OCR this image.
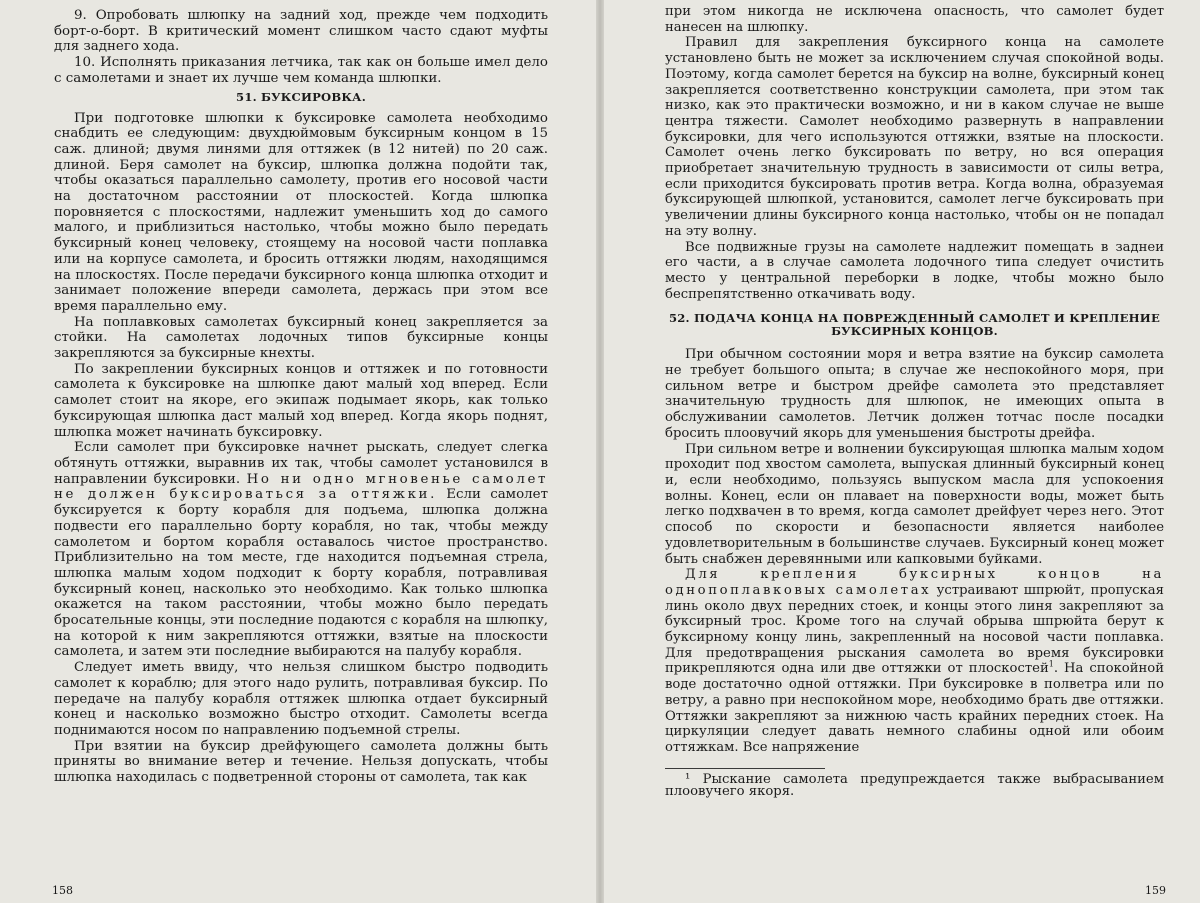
9. Опробовать шлюпку на задний ход, прежде чем подходить борт-о-борт. В критический момент слишком часто сдают муфты для заднего хода.

10. Исполнять приказания летчика, так как он больше имел дело с самолетами и знает их лучше чем команда шлюпки.

51. БУКСИРОВКА.

При подготовке шлюпки к буксировке самолета необходимо снабдить ее следующим: двухдюймовым буксирным концом в 15 саж. длиной; двумя линями для оттяжек (в 12 нитей) по 20 саж. длиной. Беря самолет на буксир, шлюпка должна подойти так, чтобы оказаться параллельно самолету, против его носовой части на достаточном расстоянии от плоскостей. Когда шлюпка поровняется с плоскостями, надлежит уменьшить ход до самого малого, и приблизиться настолько, чтобы можно было передать буксирный конец человеку, стоящему на носовой части поплавка или на корпусе самолета, и бросить оттяжки людям, находящимся на плоскостях. После передачи буксирного конца шлюпка отходит и занимает положение впереди самолета, держась при этом все время параллельно ему.

На поплавковых самолетах буксирный конец закрепляется за стойки. На самолетах лодочных типов буксирные концы закрепляются за буксирные кнехты.

По закреплении буксирных концов и оттяжек и по готовности самолета к буксировке на шлюпке дают малый ход вперед. Если самолет стоит на якоре, его экипаж подымает якорь, как только буксирующая шлюпка даст малый ход вперед. Когда якорь поднят, шлюпка может начинать буксировку.

Если самолет при буксировке начнет рыскать, следует слегка обтянуть оттяжки, выравнив их так, чтобы самолет установился в направлении буксировки. Но ни одно мгновенье самолет не должен буксироваться за оттяжки. Если самолет буксируется к борту корабля для подъема, шлюпка должна подвести его параллельно борту корабля, но так, чтобы между самолетом и бортом корабля оставалось чистое пространство. Приблизительно на том месте, где находится подъемная стрела, шлюпка малым ходом подходит к борту корабля, потравливая буксирный конец, насколько это необходимо. Как только шлюпка окажется на таком расстоянии, чтобы можно было передать бросательные концы, эти последние подаются с корабля на шлюпку, на которой к ним закрепляются оттяжки, взятые на плоскости самолета, и затем эти последние выбираются на палубу корабля.

Следует иметь ввиду, что нельзя слишком быстро подводить самолет к кораблю; для этого надо рулить, потравливая буксир. По передаче на палубу корабля оттяжек шлюпка отдает буксирный конец и насколько возможно быстро отходит. Самолеты всегда поднимаются носом по направлению подъемной стрелы.

При взятии на буксир дрейфующего самолета должны быть приняты во внимание ветер и течение. Нельзя допускать, чтобы шлюпка находилась с подветренной стороны от самолета, так как

158

при этом никогда не исключена опасность, что самолет будет нанесен на шлюпку.

Правил для закрепления буксирного конца на самолете установлено быть не может за исключением случая спокойной воды. Поэтому, когда самолет берется на буксир на волне, буксирный конец закрепляется соответственно конструкции самолета, при этом так низко, как это практически возможно, и ни в каком случае не выше центра тяжести. Самолет необходимо развернуть в направлении буксировки, для чего используются оттяжки, взятые на плоскости. Самолет очень легко буксировать по ветру, но вся операция приобретает значительную трудность в зависимости от силы ветра, если приходится буксировать против ветра. Когда волна, образуемая буксирующей шлюпкой, установится, самолет легче буксировать при увеличении длины буксирного конца настолько, чтобы он не попадал на эту волну.

Все подвижные грузы на самолете надлежит помещать в заднеи его части, а в случае самолета лодочного типа следует очистить место у центральной переборки в лодке, чтобы можно было беспрепятственно откачивать воду.

52. ПОДАЧА КОНЦА НА ПОВРЕЖДЕННЫЙ САМОЛЕТ И КРЕПЛЕНИЕ
БУКСИРНЫХ КОНЦОВ.

При обычном состоянии моря и ветра взятие на буксир самолета не требует большого опыта; в случае же неспокойного моря, при сильном ветре и быстром дрейфе самолета это представляет значительную трудность для шлюпок, не имеющих опыта в обслуживании самолетов. Летчик должен тотчас после посадки бросить плоовучий якорь для уменьшения быстроты дрейфа.

При сильном ветре и волнении буксирующая шлюпка малым ходом проходит под хвостом самолета, выпуская длинный буксирный конец и, если необходимо, пользуясь выпуском масла для успокоения волны. Конец, если он плавает на поверхности воды, может быть легко подхвачен в то время, когда самолет дрейфует через него. Этот способ по скорости и безопасности является наиболее удовлетворительным в большинстве случаев. Буксирный конец может быть снабжен деревянными или капковыми буйками.

Для крепления буксирных концов на однопоплавковых самолетах устраивают шпрюйт, пропуская линь около двух передних стоек, и концы этого линя закрепляют за буксирный трос. Кроме того на случай обрыва шпрюйта берут к буксирному концу линь, закрепленный на носовой части поплавка. Для предотвращения рыскания самолета во время буксировки прикрепляются одна или две оттяжки от плоскостей$^1$. На спокойной воде достаточно одной оттяжки. При буксировке в полветра или по ветру, а равно при неспокойном море, необходимо брать две оттяжки. Оттяжки закрепляют за нижнюю часть крайних передних стоек. На циркуляции следует давать немного слабины одной или обоим оттяжкам. Все напряжение

¹ Рыскание самолета предупреждается также выбрасыванием плоовучего якоря.

159
